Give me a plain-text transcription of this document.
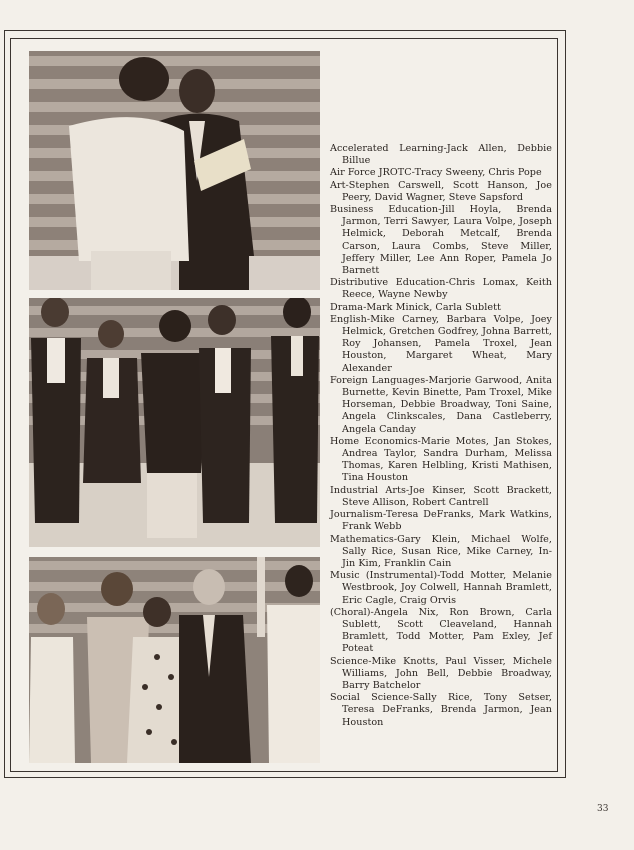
Accelerated Learning-Jack Allen, Debbie Billue

Air Force JROTC-Tracy Sweeny, Chris Pope

Art-Stephen Carswell, Scott Hanson, Joe Peery, David Wagner, Steve Sapsford

Business Education-Jill Hoyla, Brenda Jarmon, Terri Sawyer, Laura Volpe, Joseph Helmick, Deborah Metcalf, Brenda Carson, Laura Combs, Steve Miller, Jeffery Miller, Lee Ann Roper, Pamela Jo Barnett

Distributive Education-Chris Lomax, Keith Reece, Wayne Newby

Drama-Mark Minick, Carla Sublett

English-Mike Carney, Barbara Volpe, Joey Helmick, Gretchen Godfrey, Johna Barrett, Roy Johansen, Pamela Troxel, Jean Houston, Margaret Wheat, Mary Alexander

Foreign Languages-Marjorie Garwood, Anita Burnette, Kevin Binette, Pam Troxel, Mike Horseman, Debbie Broadway, Toni Saine, Angela Clinkscales, Dana Castleberry, Angela Canday

Home Economics-Marie Motes, Jan Stokes, Andrea Taylor, Sandra Durham, Melissa Thomas, Karen Helbling, Kristi Mathisen, Tina Houston

Industrial Arts-Joe Kinser, Scott Brackett, Steve Allison, Robert Cantrell

Journalism-Teresa DeFranks, Mark Watkins, Frank Webb

Mathematics-Gary Klein, Michael Wolfe, Sally Rice, Susan Rice, Mike Carney, In-Jin Kim, Franklin Cain

Music (Instrumental)-Todd Motter, Melanie Westbrook, Joy Colwell, Hannah Bramlett, Eric Cagle, Craig Orvis

(Choral)-Angela Nix, Ron Brown, Carla Sublett, Scott Cleaveland, Hannah Bramlett, Todd Motter, Pam Exley, Jef Poteat

Science-Mike Knotts, Paul Visser, Michele Williams, John Bell, Debbie Broadway, Barry Batchelor

Social Science-Sally Rice, Tony Setser, Teresa DeFranks, Brenda Jarmon, Jean Houston

33
